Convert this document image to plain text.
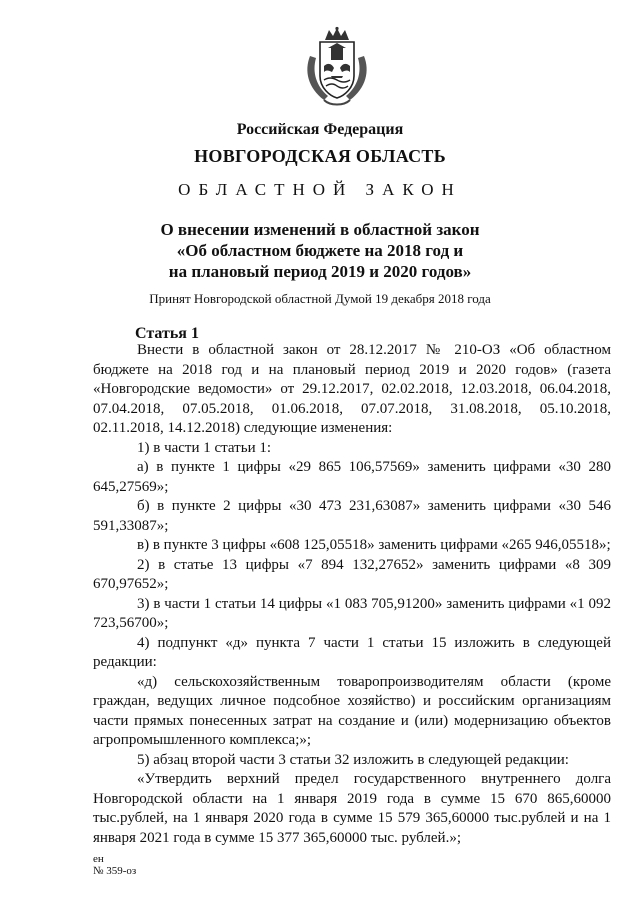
Российская Федерация
НОВГОРОДСКАЯ ОБЛАСТЬ
ОБЛАСТНОЙ ЗАКОН
О внесении изменений в областной закон
«Об областном бюджете на 2018 год и
на плановый период 2019 и 2020 годов»
Принят Новгородской областной Думой 19 декабря 2018 года
Статья 1

Внести в областной закон от 28.12.2017 № 210-ОЗ «Об областном бюджете на 2018 год и на плановый период 2019 и 2020 годов» (газета «Новгородские ведомости» от 29.12.2017, 02.02.2018, 12.03.2018, 06.04.2018, 07.04.2018, 07.05.2018, 01.06.2018, 07.07.2018, 31.08.2018, 05.10.2018, 02.11.2018, 14.12.2018) следующие изменения:

1) в части 1 статьи 1:

а) в пункте 1 цифры «29 865 106,57569» заменить цифрами «30 280 645,27569»;

б) в пункте 2 цифры «30 473 231,63087» заменить цифрами «30 546 591,33087»;

в) в пункте 3 цифры «608 125,05518» заменить цифрами «265 946,05518»;

2) в статье 13 цифры «7 894 132,27652» заменить цифрами «8 309 670,97652»;

3) в части 1 статьи 14 цифры «1 083 705,91200» заменить цифрами «1 092 723,56700»;

4) подпункт «д» пункта 7 части 1 статьи 15 изложить в следующей редакции:

«д) сельскохозяйственным товаропроизводителям области (кроме граждан, ведущих личное подсобное хозяйство) и российским организациям части прямых понесенных затрат на создание и (или) модернизацию объектов агропромышленного комплекса;»;

5) абзац второй части 3 статьи 32 изложить в следующей редакции:

«Утвердить верхний предел государственного внутреннего долга Новгородской области на 1 января 2019 года в сумме 15 670 865,60000 тыс.рублей, на 1 января 2020 года в сумме 15 579 365,60000 тыс.рублей и на 1 января 2021 года в сумме 15 377 365,60000 тыс. рублей.»;

ен
№ 359-оз
